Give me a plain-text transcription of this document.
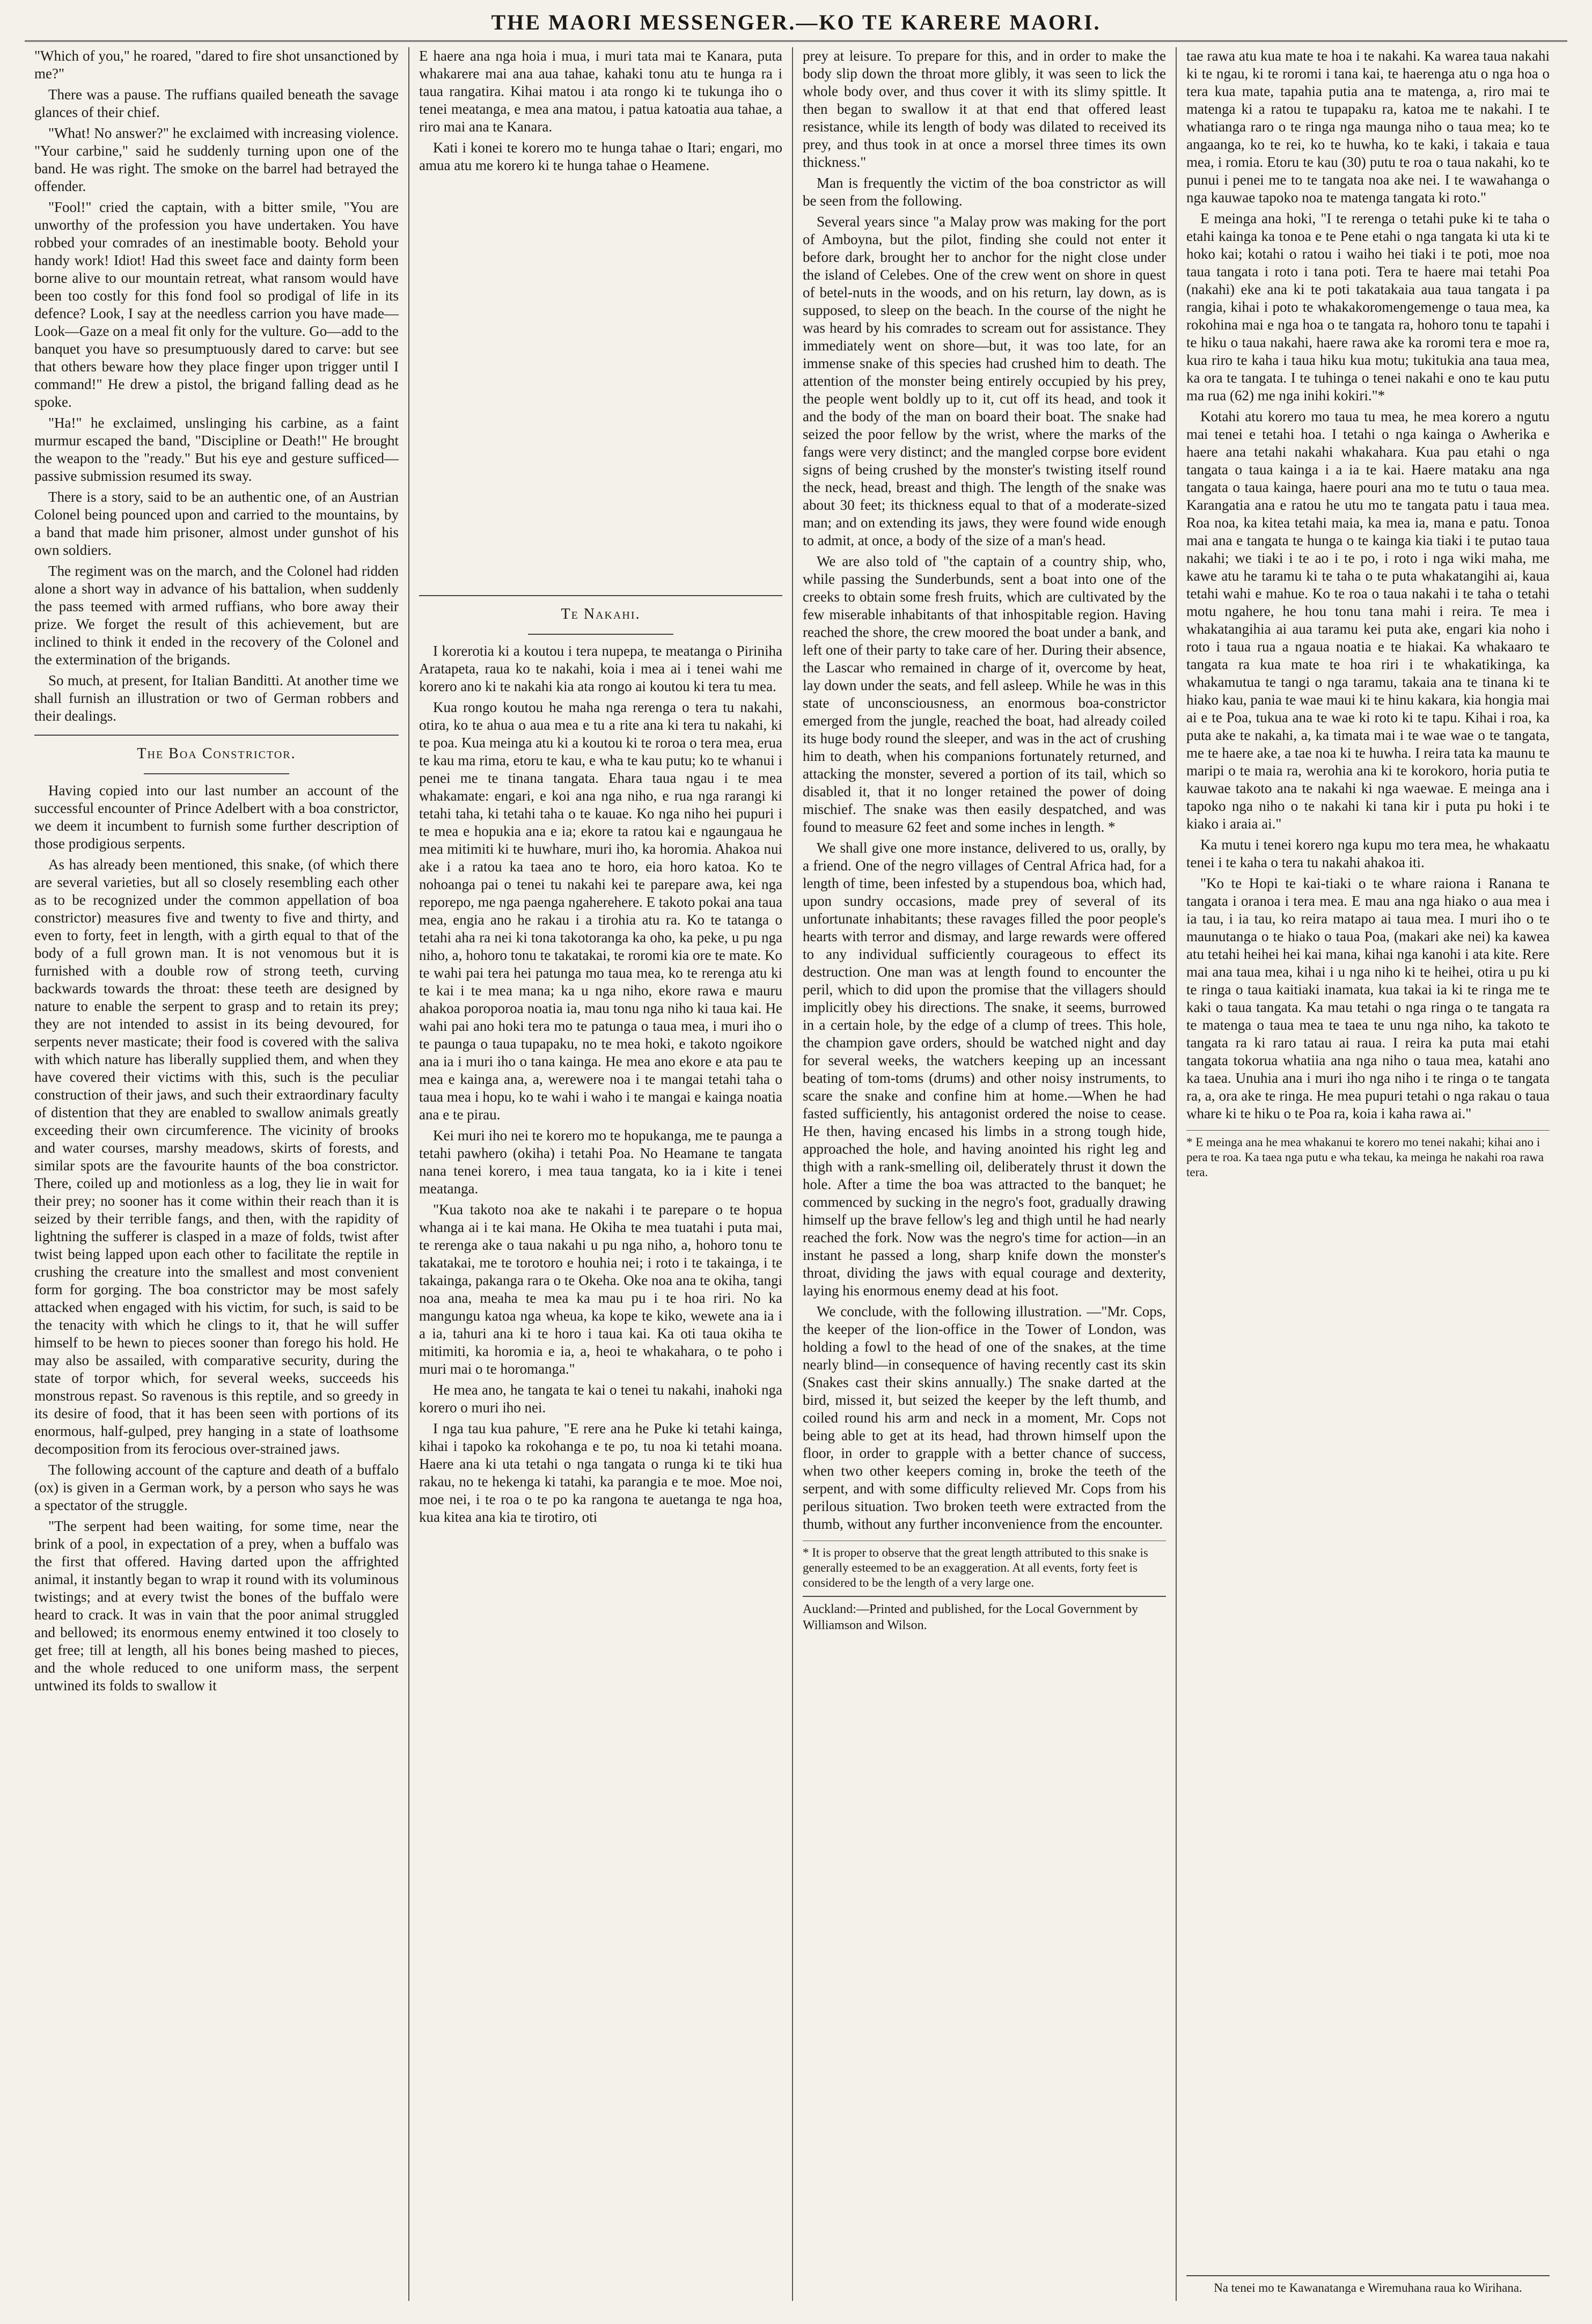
THE MAORI MESSENGER.—KO TE KARERE MAORI.

"Which of you," he roared, "dared to fire shot unsanctioned by me?"

There was a pause. The ruffians quailed beneath the savage glances of their chief.

"What! No answer?" he exclaimed with increasing violence. "Your carbine," said he suddenly turning upon one of the band. He was right. The smoke on the barrel had betrayed the offender.

"Fool!" cried the captain, with a bitter smile, "You are unworthy of the profession you have undertaken. You have robbed your comrades of an inestimable booty. Behold your handy work! Idiot! Had this sweet face and dainty form been borne alive to our mountain retreat, what ransom would have been too costly for this fond fool so prodigal of life in its defence? Look, I say at the needless carrion you have made—Look—Gaze on a meal fit only for the vulture. Go—add to the banquet you have so presumptuously dared to carve: but see that others beware how they place finger upon trigger until I command!" He drew a pistol, the brigand falling dead as he spoke.

"Ha!" he exclaimed, unslinging his carbine, as a faint murmur escaped the band, "Discipline or Death!" He brought the weapon to the "ready." But his eye and gesture sufficed—passive submission resumed its sway.

There is a story, said to be an authentic one, of an Austrian Colonel being pounced upon and carried to the mountains, by a band that made him prisoner, almost under gunshot of his own soldiers.

The regiment was on the march, and the Colonel had ridden alone a short way in advance of his battalion, when suddenly the pass teemed with armed ruffians, who bore away their prize. We forget the result of this achievement, but are inclined to think it ended in the recovery of the Colonel and the extermination of the brigands.

So much, at present, for Italian Banditti. At another time we shall furnish an illustration or two of German robbers and their dealings.

The Boa Constrictor.

Having copied into our last number an account of the successful encounter of Prince Adelbert with a boa constrictor, we deem it incumbent to furnish some further description of those prodigious serpents.

As has already been mentioned, this snake, (of which there are several varieties, but all so closely resembling each other as to be recognized under the common appellation of boa constrictor) measures five and twenty to five and thirty, and even to forty, feet in length, with a girth equal to that of the body of a full grown man. It is not venomous but it is furnished with a double row of strong teeth, curving backwards towards the throat: these teeth are designed by nature to enable the serpent to grasp and to retain its prey; they are not intended to assist in its being devoured, for serpents never masticate; their food is covered with the saliva with which nature has liberally supplied them, and when they have covered their victims with this, such is the peculiar construction of their jaws, and such their extraordinary faculty of distention that they are enabled to swallow animals greatly exceeding their own circumference. The vicinity of brooks and water courses, marshy meadows, skirts of forests, and similar spots are the favourite haunts of the boa constrictor. There, coiled up and motionless as a log, they lie in wait for their prey; no sooner has it come within their reach than it is seized by their terrible fangs, and then, with the rapidity of lightning the sufferer is clasped in a maze of folds, twist after twist being lapped upon each other to facilitate the reptile in crushing the creature into the smallest and most convenient form for gorging. The boa constrictor may be most safely attacked when engaged with his victim, for such, is said to be the tenacity with which he clings to it, that he will suffer himself to be hewn to pieces sooner than forego his hold. He may also be assailed, with comparative security, during the state of torpor which, for several weeks, succeeds his monstrous repast. So ravenous is this reptile, and so greedy in its desire of food, that it has been seen with portions of its enormous, half-gulped, prey hanging in a state of loathsome decomposition from its ferocious over-strained jaws.

The following account of the capture and death of a buffalo (ox) is given in a German work, by a person who says he was a spectator of the struggle.

"The serpent had been waiting, for some time, near the brink of a pool, in expectation of a prey, when a buffalo was the first that offered. Having darted upon the affrighted animal, it instantly began to wrap it round with its voluminous twistings; and at every twist the bones of the buffalo were heard to crack. It was in vain that the poor animal struggled and bellowed; its enormous enemy entwined it too closely to get free; till at length, all his bones being mashed to pieces, and the whole reduced to one uniform mass, the serpent untwined its folds to swallow it

E haere ana nga hoia i mua, i muri tata mai te Kanara, puta whakarere mai ana aua tahae, kahaki tonu atu te hunga ra i taua rangatira. Kihai matou i ata rongo ki te tukunga iho o tenei meatanga, e mea ana matou, i patua katoatia aua tahae, a riro mai ana te Kanara.

Kati i konei te korero mo te hunga tahae o Itari; engari, mo amua atu me korero ki te hunga tahae o Heamene.

Te Nakahi.

I korerotia ki a koutou i tera nupepa, te meatanga o Piriniha Aratapeta, raua ko te nakahi, koia i mea ai i tenei wahi me korero ano ki te nakahi kia ata rongo ai koutou ki tera tu mea.

Kua rongo koutou he maha nga rerenga o tera tu nakahi, otira, ko te ahua o aua mea e tu a rite ana ki tera tu nakahi, ki te poa. Kua meinga atu ki a koutou ki te roroa o tera mea, erua te kau ma rima, etoru te kau, e wha te kau putu; ko te whanui i penei me te tinana tangata. Ehara taua ngau i te mea whakamate: engari, e koi ana nga niho, e rua nga rarangi ki tetahi taha, ki tetahi taha o te kauae. Ko nga niho hei pupuri i te mea e hopukia ana e ia; ekore ta ratou kai e ngaungaua he mea mitimiti ki te huwhare, muri iho, ka horomia. Ahakoa nui ake i a ratou ka taea ano te horo, eia horo katoa. Ko te nohoanga pai o tenei tu nakahi kei te parepare awa, kei nga reporepo, me nga paenga ngaherehere. E takoto pokai ana taua mea, engia ano he rakau i a tirohia atu ra. Ko te tatanga o tetahi aha ra nei ki tona takotoranga ka oho, ka peke, u pu nga niho, a, hohoro tonu te takatakai, te roromi kia ore te mate. Ko te wahi pai tera hei patunga mo taua mea, ko te rerenga atu ki te kai i te mea mana; ka u nga niho, ekore rawa e mauru ahakoa poroporoa noatia ia, mau tonu nga niho ki taua kai. He wahi pai ano hoki tera mo te patunga o taua mea, i muri iho o te paunga o taua tupapaku, no te mea hoki, e takoto ngoikore ana ia i muri iho o tana kainga. He mea ano ekore e ata pau te mea e kainga ana, a, werewere noa i te mangai tetahi taha o taua mea i hopu, ko te wahi i waho i te mangai e kainga noatia ana e te pirau.

Kei muri iho nei te korero mo te hopukanga, me te paunga a tetahi pawhero (okiha) i tetahi Poa. No Heamane te tangata nana tenei korero, i mea taua tangata, ko ia i kite i tenei meatanga.

"Kua takoto noa ake te nakahi i te parepare o te hopua whanga ai i te kai mana. He Okiha te mea tuatahi i puta mai, te rerenga ake o taua nakahi u pu nga niho, a, hohoro tonu te takatakai, me te torotoro e houhia nei; i roto i te takainga, i te takainga, pakanga rara o te Okeha. Oke noa ana te okiha, tangi noa ana, meaha te mea ka mau pu i te hoa riri. No ka mangungu katoa nga wheua, ka kope te kiko, wewete ana ia i a ia, tahuri ana ki te horo i taua kai. Ka oti taua okiha te mitimiti, ka horomia e ia, a, heoi te whakahara, o te poho i muri mai o te horomanga."

He mea ano, he tangata te kai o tenei tu nakahi, inahoki nga korero o muri iho nei.

I nga tau kua pahure, "E rere ana he Puke ki tetahi kainga, kihai i tapoko ka rokohanga e te po, tu noa ki tetahi moana. Haere ana ki uta tetahi o nga tangata o runga ki te tiki hua rakau, no te hekenga ki tatahi, ka parangia e te moe. Moe noi, moe nei, i te roa o te po ka rangona te auetanga te nga hoa, kua kitea ana kia te tirotiro, oti

prey at leisure. To prepare for this, and in order to make the body slip down the throat more glibly, it was seen to lick the whole body over, and thus cover it with its slimy spittle. It then began to swallow it at that end that offered least resistance, while its length of body was dilated to received its prey, and thus took in at once a morsel three times its own thickness."

Man is frequently the victim of the boa constrictor as will be seen from the following.

Several years since "a Malay prow was making for the port of Amboyna, but the pilot, finding she could not enter it before dark, brought her to anchor for the night close under the island of Celebes. One of the crew went on shore in quest of betel-nuts in the woods, and on his return, lay down, as is supposed, to sleep on the beach. In the course of the night he was heard by his comrades to scream out for assistance. They immediately went on shore—but, it was too late, for an immense snake of this species had crushed him to death. The attention of the monster being entirely occupied by his prey, the people went boldly up to it, cut off its head, and took it and the body of the man on board their boat. The snake had seized the poor fellow by the wrist, where the marks of the fangs were very distinct; and the mangled corpse bore evident signs of being crushed by the monster's twisting itself round the neck, head, breast and thigh. The length of the snake was about 30 feet; its thickness equal to that of a moderate-sized man; and on extending its jaws, they were found wide enough to admit, at once, a body of the size of a man's head.

We are also told of "the captain of a country ship, who, while passing the Sunderbunds, sent a boat into one of the creeks to obtain some fresh fruits, which are cultivated by the few miserable inhabitants of that inhospitable region. Having reached the shore, the crew moored the boat under a bank, and left one of their party to take care of her. During their absence, the Lascar who remained in charge of it, overcome by heat, lay down under the seats, and fell asleep. While he was in this state of unconsciousness, an enormous boa-constrictor emerged from the jungle, reached the boat, had already coiled its huge body round the sleeper, and was in the act of crushing him to death, when his companions fortunately returned, and attacking the monster, severed a portion of its tail, which so disabled it, that it no longer retained the power of doing mischief. The snake was then easily despatched, and was found to measure 62 feet and some inches in length. *

We shall give one more instance, delivered to us, orally, by a friend. One of the negro villages of Central Africa had, for a length of time, been infested by a stupendous boa, which had, upon sundry occasions, made prey of several of its unfortunate inhabitants; these ravages filled the poor people's hearts with terror and dismay, and large rewards were offered to any individual sufficiently courageous to effect its destruction. One man was at length found to encounter the peril, which to did upon the promise that the villagers should implicitly obey his directions. The snake, it seems, burrowed in a certain hole, by the edge of a clump of trees. This hole, the champion gave orders, should be watched night and day for several weeks, the watchers keeping up an incessant beating of tom-toms (drums) and other noisy instruments, to scare the snake and confine him at home.—When he had fasted sufficiently, his antagonist ordered the noise to cease. He then, having encased his limbs in a strong tough hide, approached the hole, and having anointed his right leg and thigh with a rank-smelling oil, deliberately thrust it down the hole. After a time the boa was attracted to the banquet; he commenced by sucking in the negro's foot, gradually drawing himself up the brave fellow's leg and thigh until he had nearly reached the fork. Now was the negro's time for action—in an instant he passed a long, sharp knife down the monster's throat, dividing the jaws with equal courage and dexterity, laying his enormous enemy dead at his foot.

We conclude, with the following illustration. —"Mr. Cops, the keeper of the lion-office in the Tower of London, was holding a fowl to the head of one of the snakes, at the time nearly blind—in consequence of having recently cast its skin (Snakes cast their skins annually.) The snake darted at the bird, missed it, but seized the keeper by the left thumb, and coiled round his arm and neck in a moment, Mr. Cops not being able to get at its head, had thrown himself upon the floor, in order to grapple with a better chance of success, when two other keepers coming in, broke the teeth of the serpent, and with some difficulty relieved Mr. Cops from his perilous situation. Two broken teeth were extracted from the thumb, without any further inconvenience from the encounter.

* It is proper to observe that the great length attributed to this snake is generally esteemed to be an exaggeration. At all events, forty feet is considered to be the length of a very large one.
Auckland:—Printed and published, for the Local Government by Williamson and Wilson.

tae rawa atu kua mate te hoa i te nakahi. Ka warea taua nakahi ki te ngau, ki te roromi i tana kai, te haerenga atu o nga hoa o tera kua mate, tapahia putia ana te matenga, a, riro mai te matenga ki a ratou te tupapaku ra, katoa me te nakahi. I te whatianga raro o te ringa nga maunga niho o taua mea; ko te angaanga, ko te rei, ko te huwha, ko te kaki, i takaia e taua mea, i romia. Etoru te kau (30) putu te roa o taua nakahi, ko te punui i penei me to te tangata noa ake nei. I te wawahanga o nga kauwae tapoko noa te matenga tangata ki roto."

E meinga ana hoki, "I te rerenga o tetahi puke ki te taha o etahi kainga ka tonoa e te Pene etahi o nga tangata ki uta ki te hoko kai; kotahi o ratou i waiho hei tiaki i te poti, moe noa taua tangata i roto i tana poti. Tera te haere mai tetahi Poa (nakahi) eke ana ki te poti takatakaia aua taua tangata i pa rangia, kihai i poto te whakakoromengemenge o taua mea, ka rokohina mai e nga hoa o te tangata ra, hohoro tonu te tapahi i te hiku o taua nakahi, haere rawa ake ka roromi tera e moe ra, kua riro te kaha i taua hiku kua motu; tukitukia ana taua mea, ka ora te tangata. I te tuhinga o tenei nakahi e ono te kau putu ma rua (62) me nga inihi kokiri."*

Kotahi atu korero mo taua tu mea, he mea korero a ngutu mai tenei e tetahi hoa. I tetahi o nga kainga o Awherika e haere ana tetahi nakahi whakahara. Kua pau etahi o nga tangata o taua kainga i a ia te kai. Haere mataku ana nga tangata o taua kainga, haere pouri ana mo te tutu o taua mea. Karangatia ana e ratou he utu mo te tangata patu i taua mea. Roa noa, ka kitea tetahi maia, ka mea ia, mana e patu. Tonoa mai ana e tangata te hunga o te kainga kia tiaki i te putao taua nakahi; we tiaki i te ao i te po, i roto i nga wiki maha, me kawe atu he taramu ki te taha o te puta whakatangihi ai, kaua tetahi wahi e mahue. Ko te roa o taua nakahi i te taha o tetahi motu ngahere, he hou tonu tana mahi i reira. Te mea i whakatangihia ai aua taramu kei puta ake, engari kia noho i roto i taua rua a ngaua noatia e te hiakai. Ka whakaaro te tangata ra kua mate te hoa riri i te whakatikinga, ka whakamutua te tangi o nga taramu, takaia ana te tinana ki te hiako kau, pania te wae maui ki te hinu kakara, kia hongia mai ai e te Poa, tukua ana te wae ki roto ki te tapu. Kihai i roa, ka puta ake te nakahi, a, ka timata mai i te wae wae o te tangata, me te haere ake, a tae noa ki te huwha. I reira tata ka maunu te maripi o te maia ra, werohia ana ki te korokoro, horia putia te kauwae takoto ana te nakahi ki nga waewae. E meinga ana i tapoko nga niho o te nakahi ki tana kir i puta pu hoki i te kiako i araia ai."

Ka mutu i tenei korero nga kupu mo tera mea, he whakaatu tenei i te kaha o tera tu nakahi ahakoa iti.

"Ko te Hopi te kai-tiaki o te whare raiona i Ranana te tangata i oranoa i tera mea. E mau ana nga hiako o aua mea i ia tau, i ia tau, ko reira matapo ai taua mea. I muri iho o te maunutanga o te hiako o taua Poa, (makari ake nei) ka kawea atu tetahi heihei hei kai mana, kihai nga kanohi i ata kite. Rere mai ana taua mea, kihai i u nga niho ki te heihei, otira u pu ki te ringa o taua kaitiaki inamata, kua takai ia ki te ringa me te kaki o taua tangata. Ka mau tetahi o nga ringa o te tangata ra te matenga o taua mea te taea te unu nga niho, ka takoto te tangata ra ki raro tatau ai raua. I reira ka puta mai etahi tangata tokorua whatiia ana nga niho o taua mea, katahi ano ka taea. Unuhia ana i muri iho nga niho i te ringa o te tangata ra, a, ora ake te ringa. He mea pupuri tetahi o nga rakau o taua whare ki te hiku o te Poa ra, koia i kaha rawa ai."

* E meinga ana he mea whakanui te korero mo tenei nakahi; kihai ano i pera te roa. Ka taea nga putu e wha tekau, ka meinga he nakahi roa rawa tera.
Na tenei mo te Kawanatanga e Wiremuhana raua ko Wirihana.
